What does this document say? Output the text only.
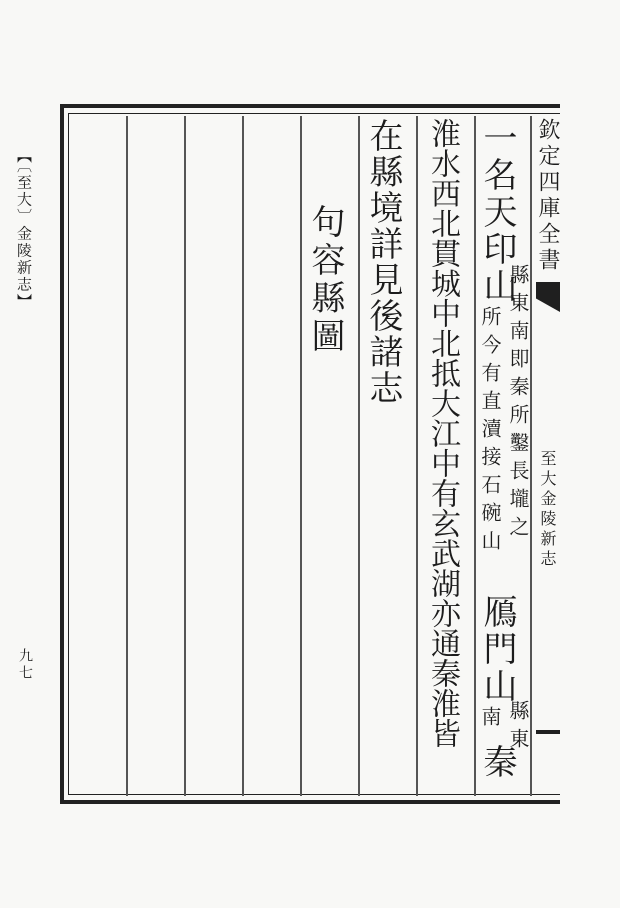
【〔至大〕金陵新志】
九七
欽定四庫全書
至大金陵新志
一名天印山
縣東南即秦所鑿長壠之
所今有直瀆接石碗山
鴈門山
縣東
南
秦
淮水西北貫城中北抵大江中有玄武湖亦通秦淮皆
在縣境詳見後諸志
句容縣圖
